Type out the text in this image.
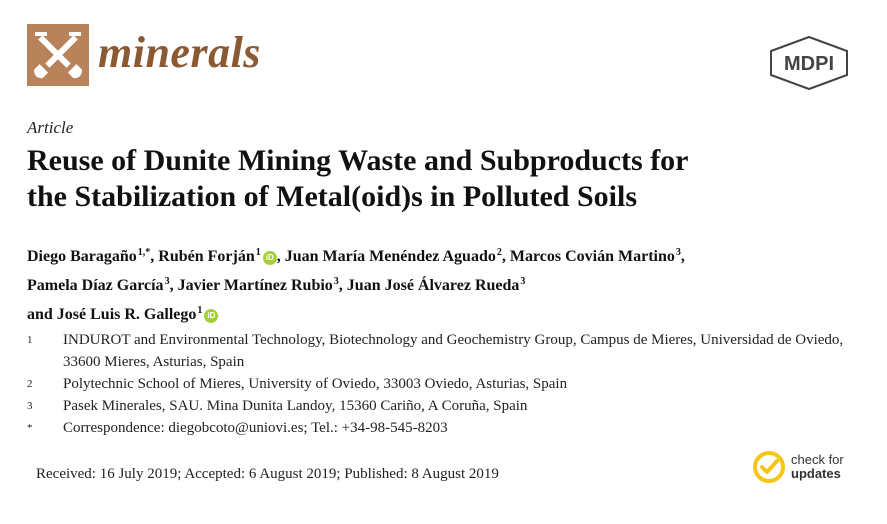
minerals	MDPI
Article
Reuse of Dunite Mining Waste and Subproducts for
the Stabilization of Metal(oid)s in Polluted Soils
Diego Baragaño$^{1,*}$, Rubén Forján$^1$ iD , Juan María Menéndez Aguado$^2$, Marcos Covián Martino$^3$,
Pamela Díaz García$^3$, Javier Martínez Rubio$^3$, Juan José Álvarez Rueda$^3$
and José Luis R. Gallego$^1$ iD
1	INDUROT and Environmental Technology, Biotechnology and Geochemistry Group, Campus de Mieres, Universidad de Oviedo, 33600 Mieres, Asturias, Spain
2	Polytechnic School of Mieres, University of Oviedo, 33003 Oviedo, Asturias, Spain
3	Pasek Minerales, SAU. Mina Dunita Landoy, 15360 Cariño, A Coruña, Spain
*	Correspondence: diegobcoto@uniovi.es; Tel.: +34-98-545-8203
Received: 16 July 2019; Accepted: 6 August 2019; Published: 8 August 2019
check for
updates
